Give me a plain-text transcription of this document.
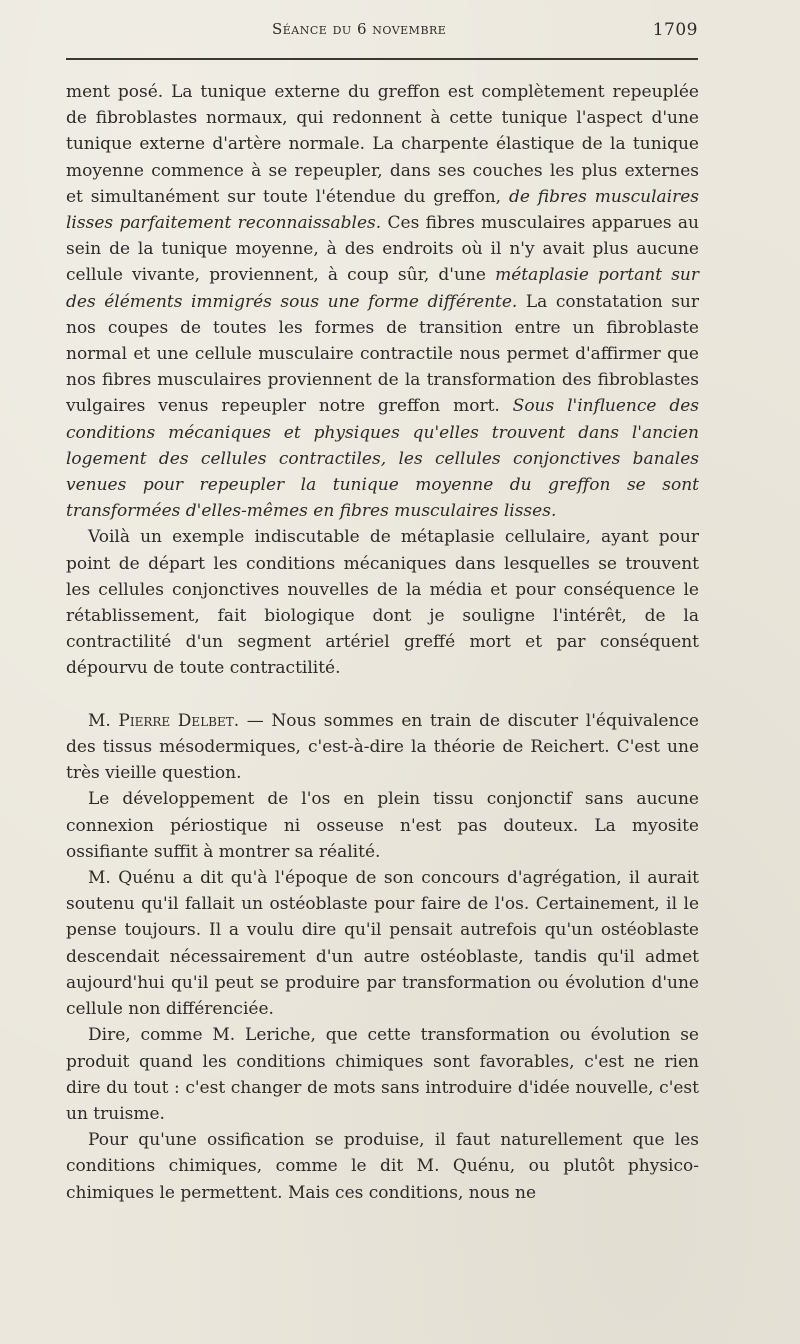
Séance du 6 novembre	1709

ment posé. La tunique externe du greffon est complètement repeuplée de fibroblastes normaux, qui redonnent à cette tunique l'aspect d'une tunique externe d'artère normale. La charpente élastique de la tunique moyenne commence à se repeupler, dans ses couches les plus externes et simultanément sur toute l'étendue du greffon, de fibres musculaires lisses parfaitement reconnaissables. Ces fibres musculaires apparues au sein de la tunique moyenne, à des endroits où il n'y avait plus aucune cellule vivante, proviennent, à coup sûr, d'une métaplasie portant sur des éléments immigrés sous une forme différente. La constatation sur nos coupes de toutes les formes de transition entre un fibroblaste normal et une cellule musculaire contractile nous permet d'affirmer que nos fibres musculaires proviennent de la transformation des fibroblastes vulgaires venus repeupler notre greffon mort. Sous l'influence des conditions mécaniques et physiques qu'elles trouvent dans l'ancien logement des cellules contractiles, les cellules conjonctives banales venues pour repeupler la tunique moyenne du greffon se sont transformées d'elles-mêmes en fibres musculaires lisses.

Voilà un exemple indiscutable de métaplasie cellulaire, ayant pour point de départ les conditions mécaniques dans lesquelles se trouvent les cellules conjonctives nouvelles de la média et pour conséquence le rétablissement, fait biologique dont je souligne l'intérêt, de la contractilité d'un segment artériel greffé mort et par conséquent dépourvu de toute contractilité.

M. Pierre Delbet. — Nous sommes en train de discuter l'équivalence des tissus mésodermiques, c'est-à-dire la théorie de Reichert. C'est une très vieille question.

Le développement de l'os en plein tissu conjonctif sans aucune connexion périostique ni osseuse n'est pas douteux. La myosite ossifiante suffit à montrer sa réalité.

M. Quénu a dit qu'à l'époque de son concours d'agrégation, il aurait soutenu qu'il fallait un ostéoblaste pour faire de l'os. Certainement, il le pense toujours. Il a voulu dire qu'il pensait autrefois qu'un ostéoblaste descendait nécessairement d'un autre ostéoblaste, tandis qu'il admet aujourd'hui qu'il peut se produire par transformation ou évolution d'une cellule non différenciée.

Dire, comme M. Leriche, que cette transformation ou évolution se produit quand les conditions chimiques sont favorables, c'est ne rien dire du tout : c'est changer de mots sans introduire d'idée nouvelle, c'est un truisme.

Pour qu'une ossification se produise, il faut naturellement que les conditions chimiques, comme le dit M. Quénu, ou plutôt physico-chimiques le permettent. Mais ces conditions, nous ne
